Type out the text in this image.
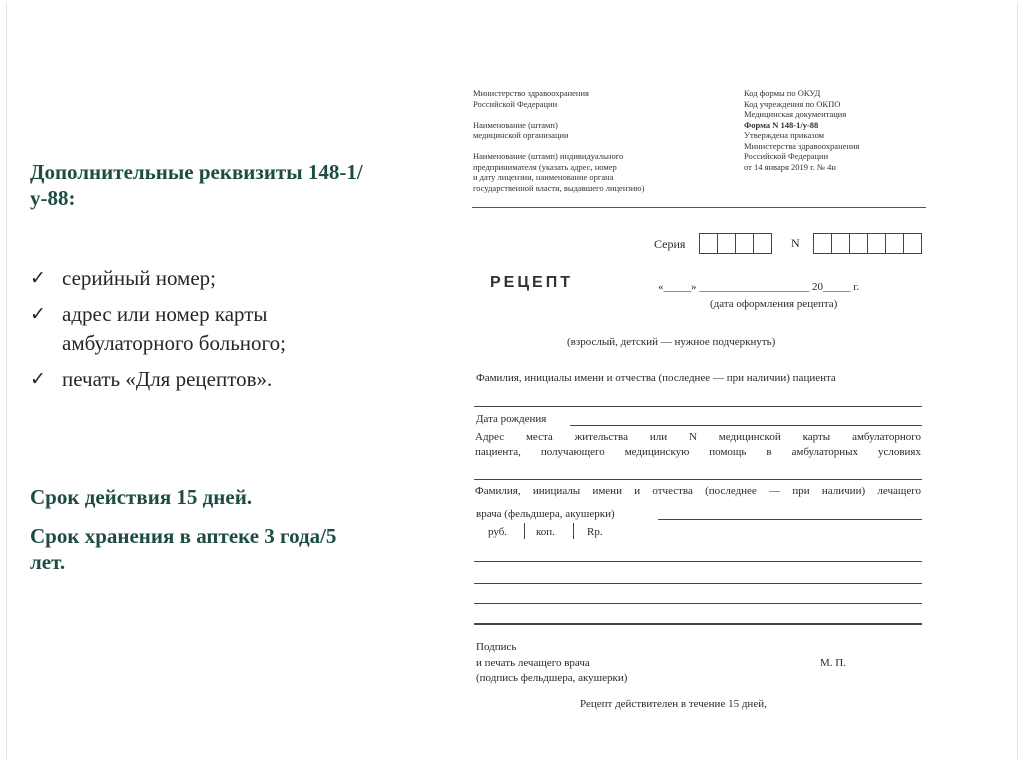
Дополнительные реквизиты 148-1/у-88:
✓ серийный номер;
✓ адрес или номер карты амбулаторного больного;
✓ печать «Для рецептов».
Срок действия 15 дней.
Срок хранения в аптеке 3 года/5 лет.
Министерство здравоохранения
Российской Федерации

Наименование (штамп)
медицинской организации

Наименование (штамп) индивидуального
предпринимателя (указать адрес, номер
и дату лицензии, наименование органа
государственной власти, выдавшего лицензию)
Код формы по ОКУД
Код учреждения по ОКПО
Медицинская документация
Форма N 148-1/у-88
Утверждена приказом
Министерства здравоохранения
Российской Федерации
от 14 января 2019 г. № 4н
Серия	N
РЕЦЕПТ	«_____» ____________________ 20_____ г.
(дата оформления рецепта)
(взрослый, детский — нужное подчеркнуть)
Фамилия, инициалы имени и отчества (последнее — при наличии) пациента
Дата рождения
Адрес места жительства или N медицинской карты амбулаторного
пациента, получающего медицинскую помощь в амбулаторных условиях
Фамилия, инициалы имени и отчества (последнее — при наличии) лечащего
врача (фельдшера, акушерки)
руб.	коп.	Rp.
Подпись
и печать лечащего врача
(подпись фельдшера, акушерки)
М. П.
Рецепт действителен в течение 15 дней,
